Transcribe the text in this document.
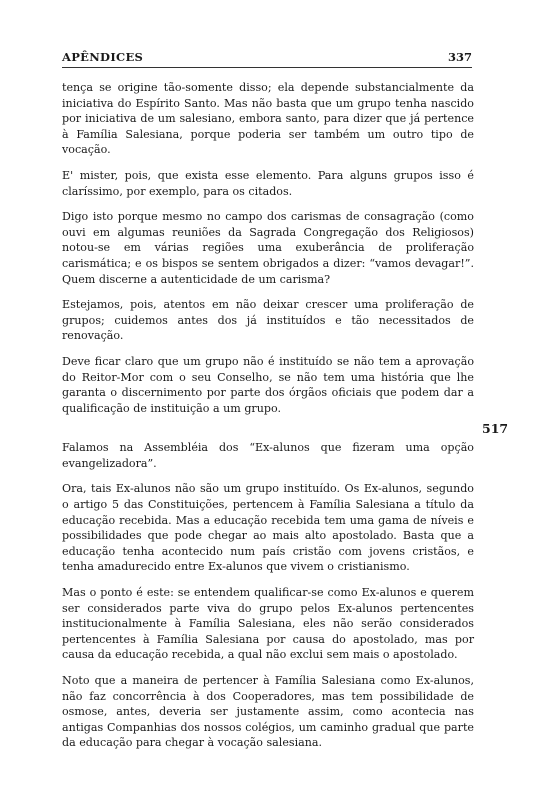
APÊNDICES	337

tença se origine tão-somente disso; ela depende substancialmente da iniciativa do Espírito Santo. Mas não basta que um grupo tenha nascido por iniciativa de um salesiano, embora santo, para dizer que já pertence à Família Salesiana, porque poderia ser também um outro tipo de vocação.

E' mister, pois, que exista esse elemento. Para alguns grupos isso é claríssimo, por exemplo, para os citados.

Digo isto porque mesmo no campo dos carismas de consagração (como ouvi em algumas reuniões da Sagrada Congregação dos Religiosos) notou-se em várias regiões uma exuberância de proliferação carismática; e os bispos se sentem obrigados a dizer: “vamos devagar!”. Quem discerne a autenticidade de um carisma?

Estejamos, pois, atentos em não deixar crescer uma proliferação de grupos; cuidemos antes dos já instituídos e tão necessitados de renovação.

Deve ficar claro que um grupo não é instituído se não tem a aprovação do Reitor-Mor com o seu Conselho, se não tem uma história que lhe garanta o discernimento por parte dos órgãos oficiais que podem dar a qualificação de instituição a um grupo.

Falamos na Assembléia dos “Ex-alunos que fizeram uma opção evangelizadora”.

Ora, tais Ex-alunos não são um grupo instituído. Os Ex-alunos, segundo o artigo 5 das Constituições, pertencem à Família Salesiana a título da educação recebida. Mas a educação recebida tem uma gama de níveis e possibilidades que pode chegar ao mais alto apostolado. Basta que a educação tenha acontecido num país cristão com jovens cristãos, e tenha amadurecido entre Ex-alunos que vivem o cristianismo.

Mas o ponto é este: se entendem qualificar-se como Ex-alunos e querem ser considerados parte viva do grupo pelos Ex-alunos pertencentes institucionalmente à Família Salesiana, eles não serão considerados pertencentes à Família Salesiana por causa do apostolado, mas por causa da educação recebida, a qual não exclui sem mais o apostolado.

Noto que a maneira de pertencer à Família Salesiana como Ex-alunos, não faz concorrência à dos Cooperadores, mas tem possibilidade de osmose, antes, deveria ser justamente assim, como acontecia nas antigas Companhias dos nossos colégios, um caminho gradual que parte da educação para chegar à vocação salesiana.

517
